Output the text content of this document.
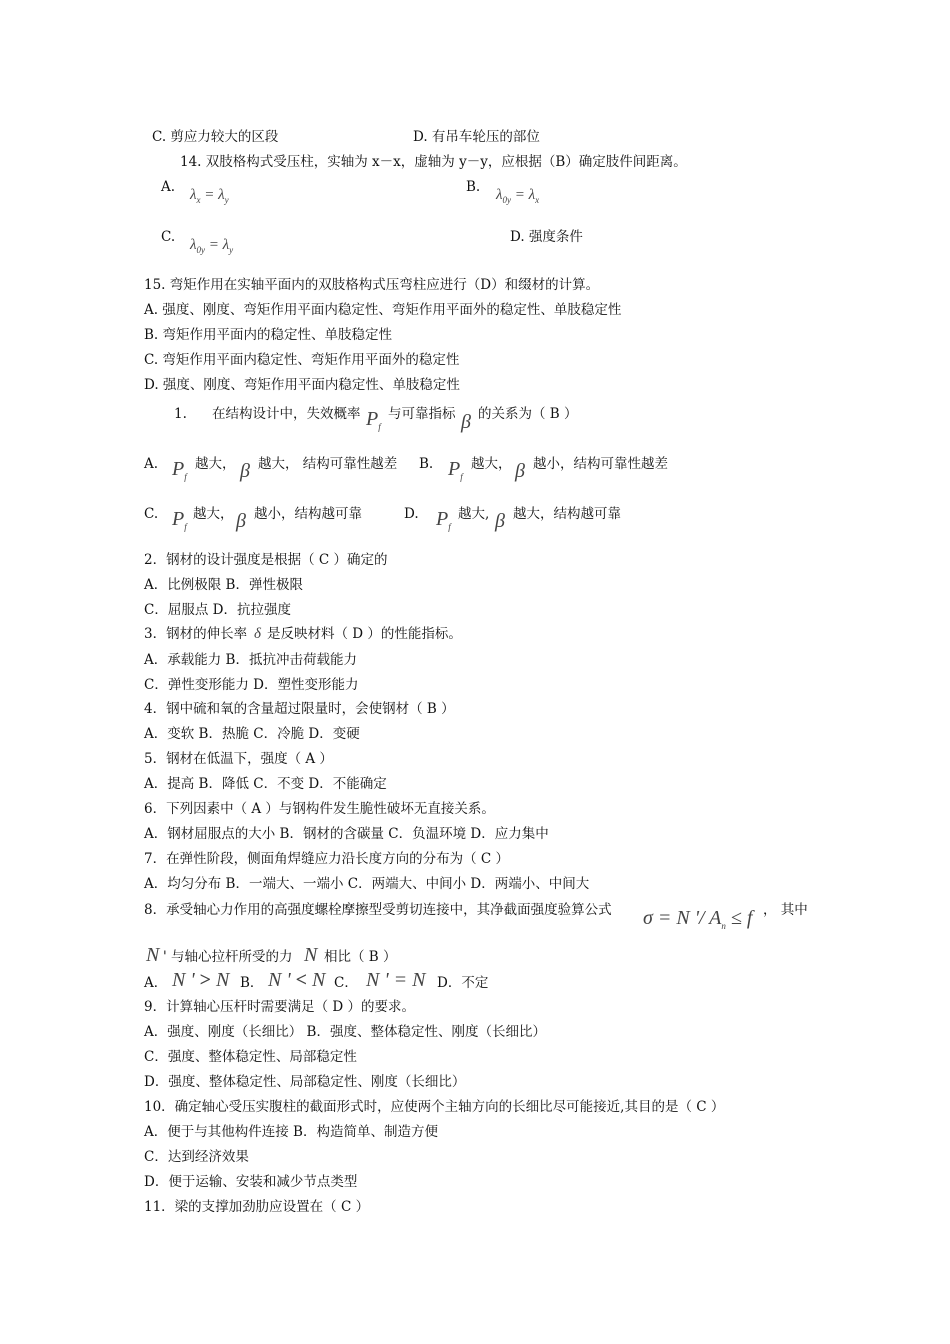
C. 剪应力较大的区段	D. 有吊车轮压的部位
14. 双肢格构式受压柱，实轴为 x－x，虚轴为 y－y，应根据（B）确定肢件间距离。
A. $\lambda_x = \lambda_y$
B. $\lambda_{0y} = \lambda_x$
C. $\lambda_{0y} = \lambda_y$
D. 强度条件
15. 弯矩作用在实轴平面内的双肢格构式压弯柱应进行（D）和缀材的计算。
A. 强度、刚度、弯矩作用平面内稳定性、弯矩作用平面外的稳定性、单肢稳定性
B. 弯矩作用平面内的稳定性、单肢稳定性
C. 弯矩作用平面内稳定性、弯矩作用平面外的稳定性
D. 强度、刚度、弯矩作用平面内稳定性、单肢稳定性
1. 在结构设计中，失效概率 $P_f$
与可靠指标 β 的关系为（ B ）
A. $P_f$
越大， β 越大， 结构可靠性越差 B. $P_f$
越大， β 越小，结构可靠性越差
C. $P_f$
越大， β 越小，结构越可靠	D. $P_f$
越大, β 越大，结构越可靠
2．钢材的设计强度是根据（ C ）确定的
A．比例极限 B．弹性极限
C．屈服点 D．抗拉强度
3．钢材的伸长率 δ 是反映材料（ D ）的性能指标。
A．承载能力 B．抵抗冲击荷载能力
C．弹性变形能力 D．塑性变形能力
4．钢中硫和氧的含量超过限量时，会使钢材（ B ）
A．变软 B．热脆 C．冷脆 D．变硬
5．钢材在低温下，强度（ A ）
A．提高 B．降低 C．不变 D．不能确定
6．下列因素中（ A ）与钢构件发生脆性破坏无直接关系。
A．钢材屈服点的大小 B．钢材的含碳量 C．负温环境 D．应力集中
7．在弹性阶段，侧面角焊缝应力沿长度方向的分布为（ C ）
A．均匀分布 B．一端大、一端小 C．两端大、中间小 D．两端小、中间大
8．承受轴心力作用的高强度螺栓摩擦型受剪切连接中，其净截面强度验算公式 σ = N '/ $A_n \le f$ ， 其中
N ' 与轴心拉杆所受的力 N 相比（ B ）
A． N ' > N B． N ' < N C． N ' = N D．不定
9．计算轴心压杆时需要满足（ D ）的要求。
A．强度、刚度（长细比） B．强度、整体稳定性、刚度（长细比）
C．强度、整体稳定性、局部稳定性
D．强度、整体稳定性、局部稳定性、刚度（长细比）
10．确定轴心受压实腹柱的截面形式时，应使两个主轴方向的长细比尽可能接近,其目的是（ C ）
A．便于与其他构件连接 B．构造简单、制造方便
C．达到经济效果
D．便于运输、安装和减少节点类型
11．梁的支撑加劲肋应设置在（ C ）
